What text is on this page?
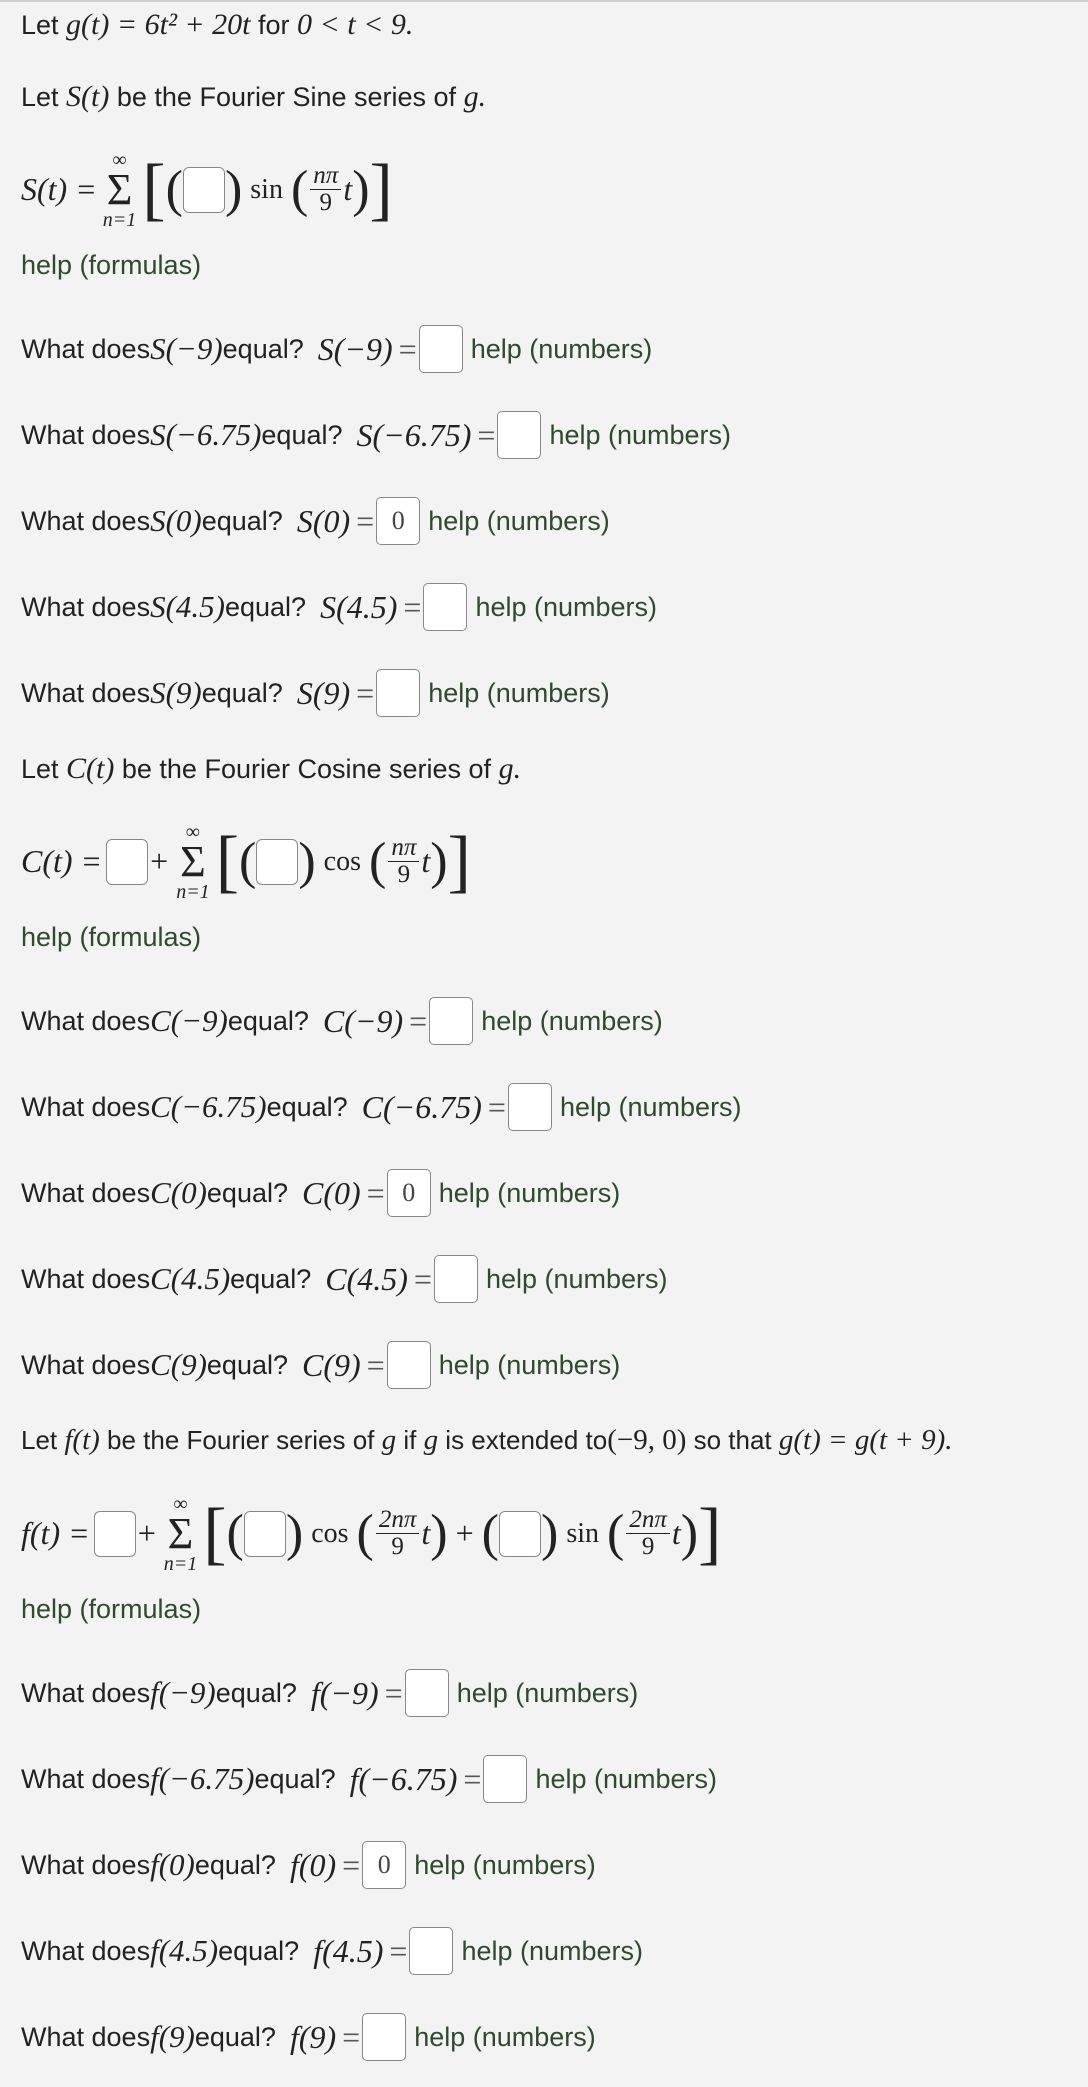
Let g(t) = 6t² + 20t for 0 < t < 9.
Let S(t) be the Fourier Sine series of g.
S(t) =
∞
Σ
n=1 [ ( ) sin ( $\frac{n\pi}{9}$ t ) ]
help (formulas)
What does S(−9) equal? S(−9) = help (numbers)
What does S(−6.75) equal? S(−6.75) = help (numbers)
What does S(0) equal? S(0) = 0 help (numbers)
What does S(4.5) equal? S(4.5) = help (numbers)
What does S(9) equal? S(9) = help (numbers)
Let C(t) be the Fourier Cosine series of g.
C(t) = +
∞
Σ
n=1 [ ( ) cos ( $\frac{n\pi}{9}$ t ) ]
help (formulas)
What does C(−9) equal? C(−9) = help (numbers)
What does C(−6.75) equal? C(−6.75) = help (numbers)
What does C(0) equal? C(0) = 0 help (numbers)
What does C(4.5) equal? C(4.5) = help (numbers)
What does C(9) equal? C(9) = help (numbers)
Let f(t) be the Fourier series of g if g is extended to(−9, 0) so that g(t) = g(t + 9).
f(t) = +
∞
Σ
n=1 [ ( ) cos ( $\frac{2n\pi}{9}$ t ) + ( ) sin ( $\frac{2n\pi}{9}$ t ) ]
help (formulas)
What does f(−9) equal? f(−9) = help (numbers)
What does f(−6.75) equal? f(−6.75) = help (numbers)
What does f(0) equal? f(0) = 0 help (numbers)
What does f(4.5) equal? f(4.5) = help (numbers)
What does f(9) equal? f(9) = help (numbers)
